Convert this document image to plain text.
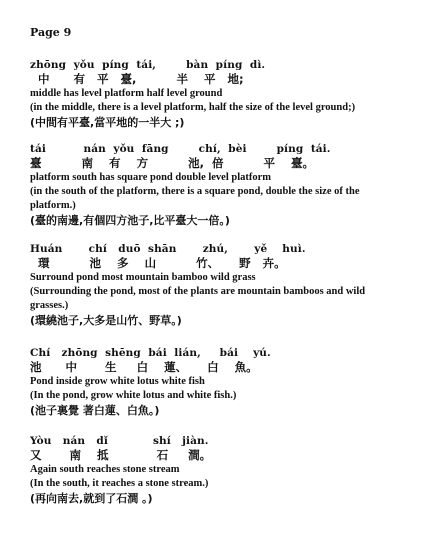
Page 9
zhōng  yǒu  píng  tái,        bàn  píng  dì.
中      有   平   臺,          半    平   地;
middle has level platform half level ground
(in the middle, there is a level platform, half the size of the level ground;)
(中間有平臺,當平地的一半大 ;)
tái          nán  yǒu  fāng        chí,  bèi        píng  tái.
臺          南    有    方          池,  倍          平    臺。
platform south has square pond double level platform
(in the south of the platform, there is a square pond, double the size of the platform.)
(臺的南邊,有個四方池子,比平臺大一倍。)
Huán       chí   duō  shān       zhú,       yě    huì.
環          池    多    山          竹、     野   卉。
Surround pond most mountain bamboo wild grass
(Surrounding the pond, most of the plants are mountain bamboos and wild grasses.)
(環繞池子,大多是山竹、野草。)
Chí   zhōng  shēng  bái  lián,     bái    yú.
池      中       生     白    蓮、     白    魚。
Pond inside grow white lotus white fish
(In the pond, grow white lotus and white fish.)
(池子裏覺 著白蓮、白魚。)
Yòu   nán   dǐ            shí   jiàn.
又       南    抵            石     澗。
Again south reaches stone stream
(In the south, it reaches a stone stream.)
(再向南去,就到了石澗 。)
